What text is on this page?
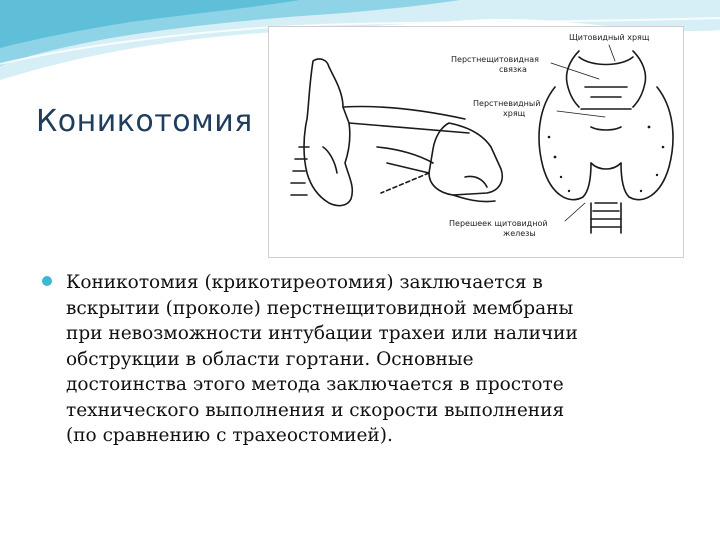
Коникотомия
Щитовидный хрящ
Перстнещитовидная
связка
Перстневидный
хрящ
Перешеек щитовидной
железы
Коникотомия (крикотиреотомия) заключается в вскрытии (проколе) перстнещитовидной мембраны при невозможности интубации трахеи или наличии обструкции в области гортани. Основные достоинства этого метода заключается в простоте технического выполнения и скорости выполнения (по сравнению с трахеостомией).
